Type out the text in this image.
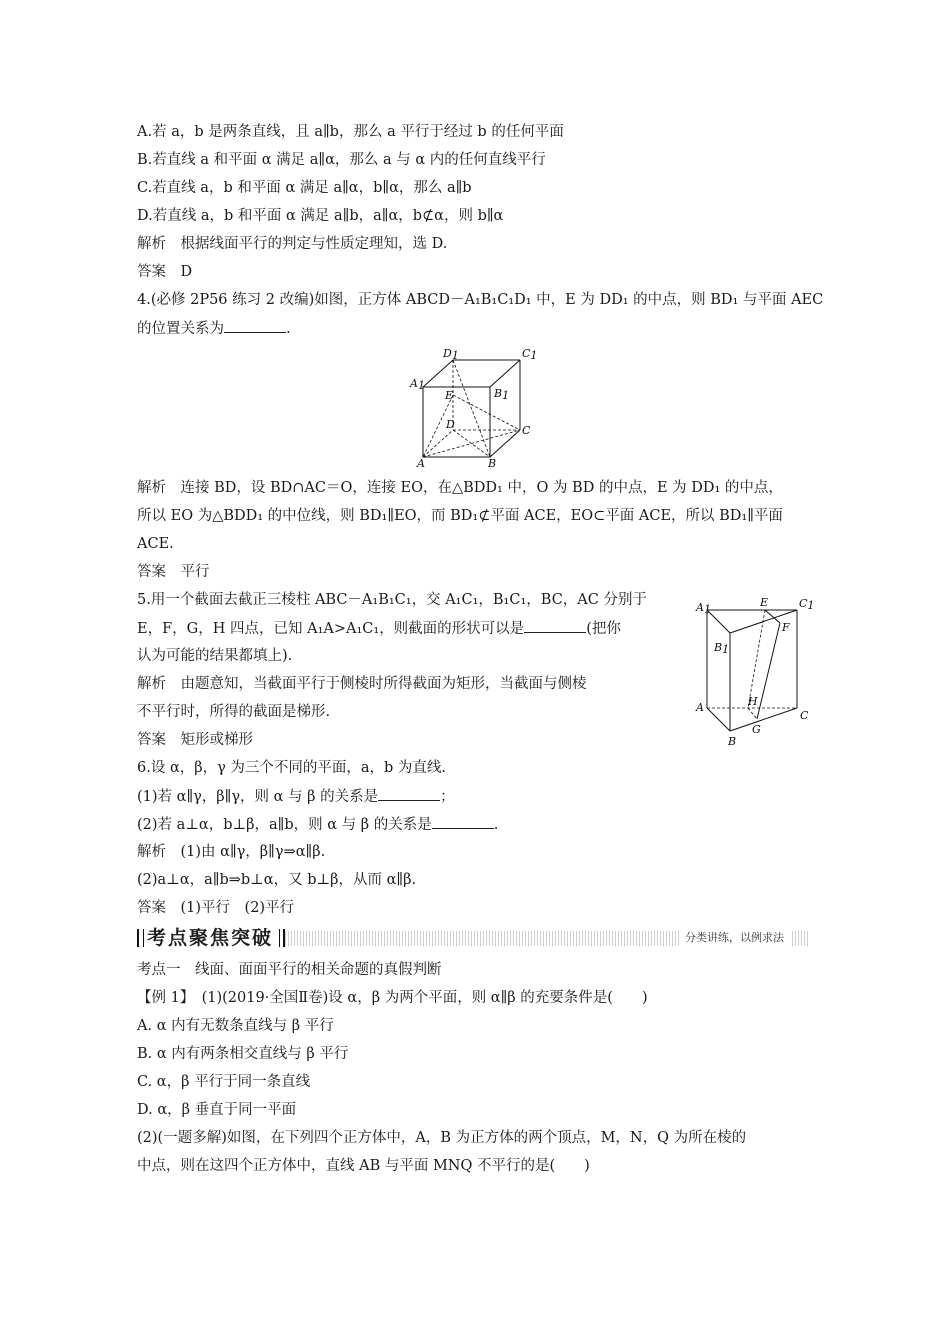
A.若 a，b 是两条直线，且 a∥b，那么 a 平行于经过 b 的任何平面
B.若直线 a 和平面 α 满足 a∥α，那么 a 与 α 内的任何直线平行
C.若直线 a，b 和平面 α 满足 a∥α，b∥α，那么 a∥b
D.若直线 a，b 和平面 α 满足 a∥b，a∥α，b⊄α，则 b∥α
解析　根据线面平行的判定与性质定理知，选 D.
答案　D
4.(必修 2P56 练习 2 改编)如图，正方体 ABCD－A₁B₁C₁D₁ 中，E 为 DD₁ 的中点，则 BD₁ 与平面 AEC
的位置关系为	.
D1	C1
A1
B1
E
D	C
A	B
解析　连接 BD，设 BD∩AC＝O，连接 EO，在△BDD₁ 中，O 为 BD 的中点，E 为 DD₁ 的中点，
所以 EO 为△BDD₁ 的中位线，则 BD₁∥EO，而 BD₁⊄平面 ACE，EO⊂平面 ACE，所以 BD₁∥平面
ACE.
答案　平行
5.用一个截面去截正三棱柱 ABC－A₁B₁C₁，交 A₁C₁，B₁C₁，BC，AC 分别于
E，F，G，H 四点，已知 A₁A>A₁C₁，则截面的形状可以是	(把你
认为可能的结果都填上).
解析　由题意知，当截面平行于侧棱时所得截面为矩形，当截面与侧棱
不平行时，所得的截面是梯形.
答案　矩形或梯形
A1
E	C1
F
B1
H
A
C
G
B
6.设 α，β，γ 为三个不同的平面，a，b 为直线.
(1)若 α∥γ，β∥γ，则 α 与 β 的关系是	；
(2)若 a⊥α，b⊥β，a∥b，则 α 与 β 的关系是	.
解析　(1)由 α∥γ，β∥γ⇒α∥β.
(2)a⊥α，a∥b⇒b⊥α，又 b⊥β，从而 α∥β.
答案　(1)平行　(2)平行
考点聚焦突破	分类讲练，以例求法
考点一　线面、面面平行的相关命题的真假判断
【例 1】　(1)(2019·全国Ⅱ卷)设 α，β 为两个平面，则 α∥β 的充要条件是(　　)
A. α 内有无数条直线与 β 平行
B. α 内有两条相交直线与 β 平行
C. α，β 平行于同一条直线
D. α，β 垂直于同一平面
(2)(一题多解)如图，在下列四个正方体中，A，B 为正方体的两个顶点，M，N，Q 为所在棱的
中点，则在这四个正方体中，直线 AB 与平面 MNQ 不平行的是(　　)
